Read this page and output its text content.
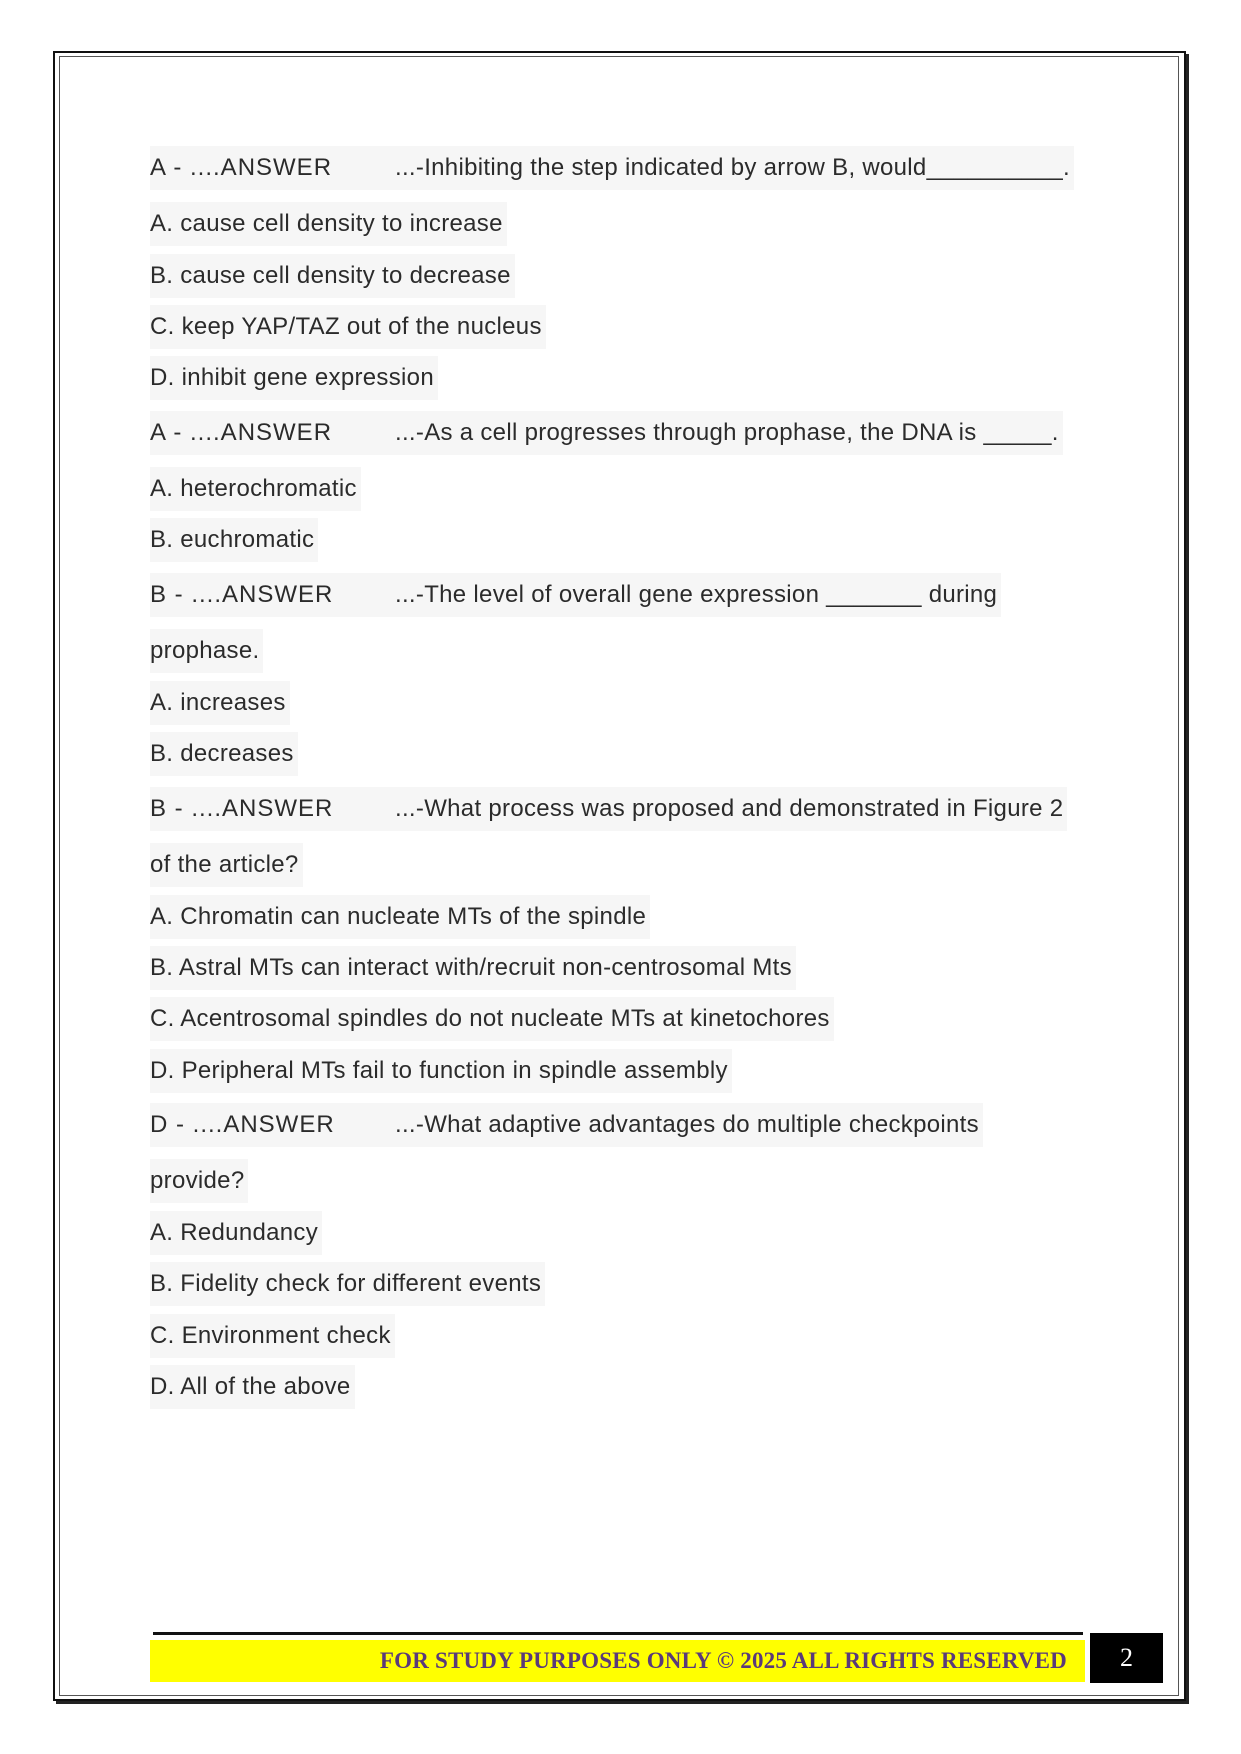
A - ....ANSWER	...-Inhibiting the step indicated by arrow B, would__________.
A. cause cell density to increase
B. cause cell density to decrease
C. keep YAP/TAZ out of the nucleus
D. inhibit gene expression
A - ....ANSWER	...-As a cell progresses through prophase, the DNA is _____.
A. heterochromatic
B. euchromatic
B - ....ANSWER	...-The level of overall gene expression _______ during
prophase.
A. increases
B. decreases
B - ....ANSWER	...-What process was proposed and demonstrated in Figure 2
of the article?
A. Chromatin can nucleate MTs of the spindle
B. Astral MTs can interact with/recruit non-centrosomal Mts
C. Acentrosomal spindles do not nucleate MTs at kinetochores
D. Peripheral MTs fail to function in spindle assembly
D - ....ANSWER	...-What adaptive advantages do multiple checkpoints
provide?
A. Redundancy
B. Fidelity check for different events
C. Environment check
D. All of the above
FOR STUDY PURPOSES ONLY © 2025 ALL RIGHTS RESERVED 2
